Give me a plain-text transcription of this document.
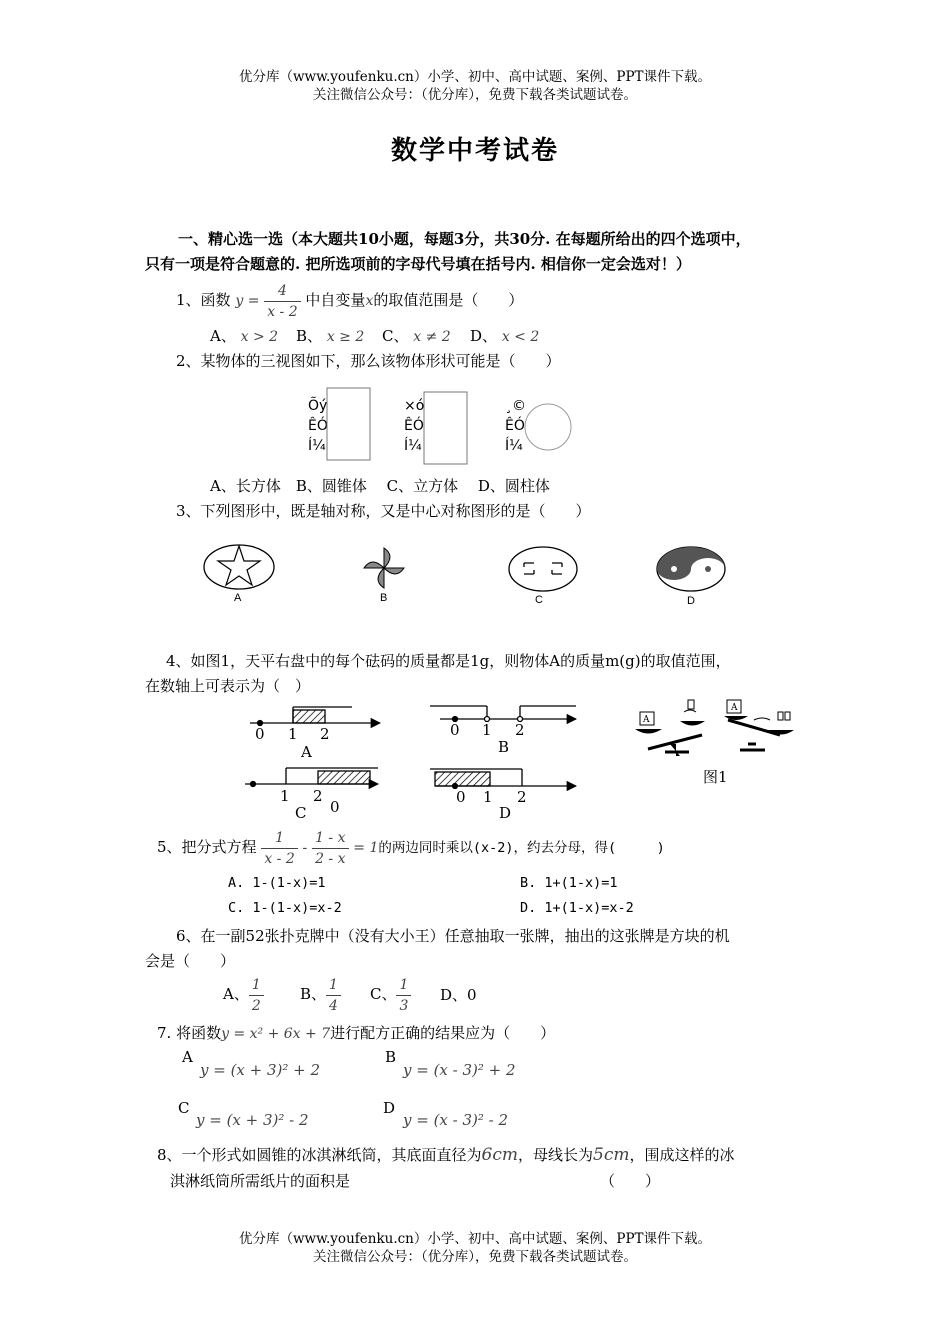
优分库（www.youfenku.cn）小学、初中、高中试题、案例、PPT课件下载。
关注微信公众号：（优分库），免费下载各类试题试卷。
数学中考试卷
一、精心选一选（本大题共10小题，每题3分，共30分. 在每题所给出的四个选项中，
只有一项是符合题意的. 把所选项前的字母代号填在括号内. 相信你一定会选对！）
1、函数 $y = \frac{4}{x - 2}$ 中自变量x的取值范围是（　　）
A、 x > 2 B、 x ≥ 2 C、 x ≠ 2 D、 x < 2
2、某物体的三视图如下，那么该物体形状可能是（　　）
Õý
ÊÓ
Í¼
×ó
ÊÓ
Í¼
¸©
ÊÓ
Í¼
A、长方体　B、圆锥体　 C、立方体　 D、圆柱体
3、下列图形中，既是轴对称，又是中心对称图形的是（　　）
A	B	C	D
4、如图1，天平右盘中的每个砝码的质量都是1g，则物体A的质量m(g)的取值范围，
在数轴上可表示为（　）
0 1 2
A
0 1 2
B
1 2
0
C
0 1 2
D
A
A
图1
5、把分式方程 $\frac{1}{x - 2} - \frac{1 - x}{2 - x} = 1$的两边同时乘以(x-2)，约去分母，得(　　　)
A. 1-(1-x)=1	B. 1+(1-x)=1
C. 1-(1-x)=x-2	D. 1+(1-x)=x-2
6、在一副52张扑克牌中（没有大小王）任意抽取一张牌，抽出的这张牌是方块的机
会是（　　）
A、 $\frac{1}{2}$ B、 $\frac{1}{4}$ C、 $\frac{1}{3}$ D、0
7. 将函数y = x² + 6x + 7进行配方正确的结果应为（　　）
A
y = (x + 3)² + 2
B
y = (x - 3)² + 2
C
y = (x + 3)² - 2
D
y = (x - 3)² - 2
8、一个形式如圆锥的冰淇淋纸筒，其底面直径为6cm，母线长为5cm，围成这样的冰
淇淋纸筒所需纸片的面积是	（　　）
优分库（www.youfenku.cn）小学、初中、高中试题、案例、PPT课件下载。
关注微信公众号：（优分库），免费下载各类试题试卷。
